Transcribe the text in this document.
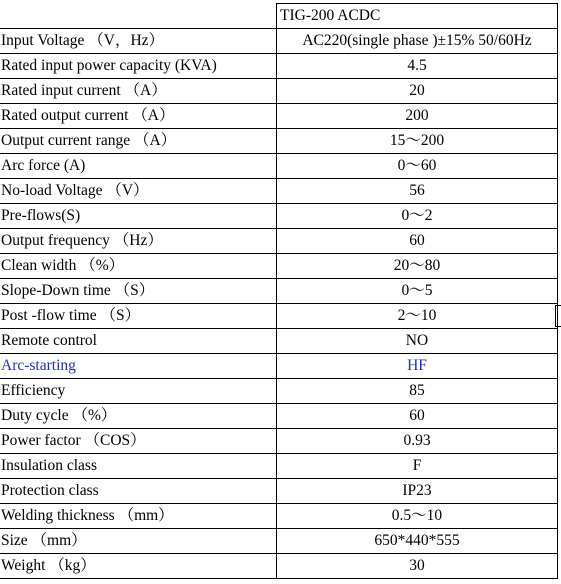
	TIG-200 ACDC
Input Voltage （V，Hz）	AC220(single phase )±15% 50/60Hz
Rated input power capacity (KVA)	4.5
Rated input current （A）	20
Rated output current （A）	200
Output current range （A）	15～200
Arc force (A)	0～60
No-load Voltage （V）	56
Pre-flows(S)	0～2
Output frequency （Hz）	60
Clean width （%）	20～80
Slope-Down time （S）	0～5
Post -flow time （S）	2～10
Remote control	NO
Arc-starting	HF
Efficiency	85
Duty cycle （%）	60
Power factor （COS）	0.93
Insulation class	F
Protection class	IP23
Welding thickness （mm）	0.5～10
Size （mm）	650*440*555
Weight （kg）	30
